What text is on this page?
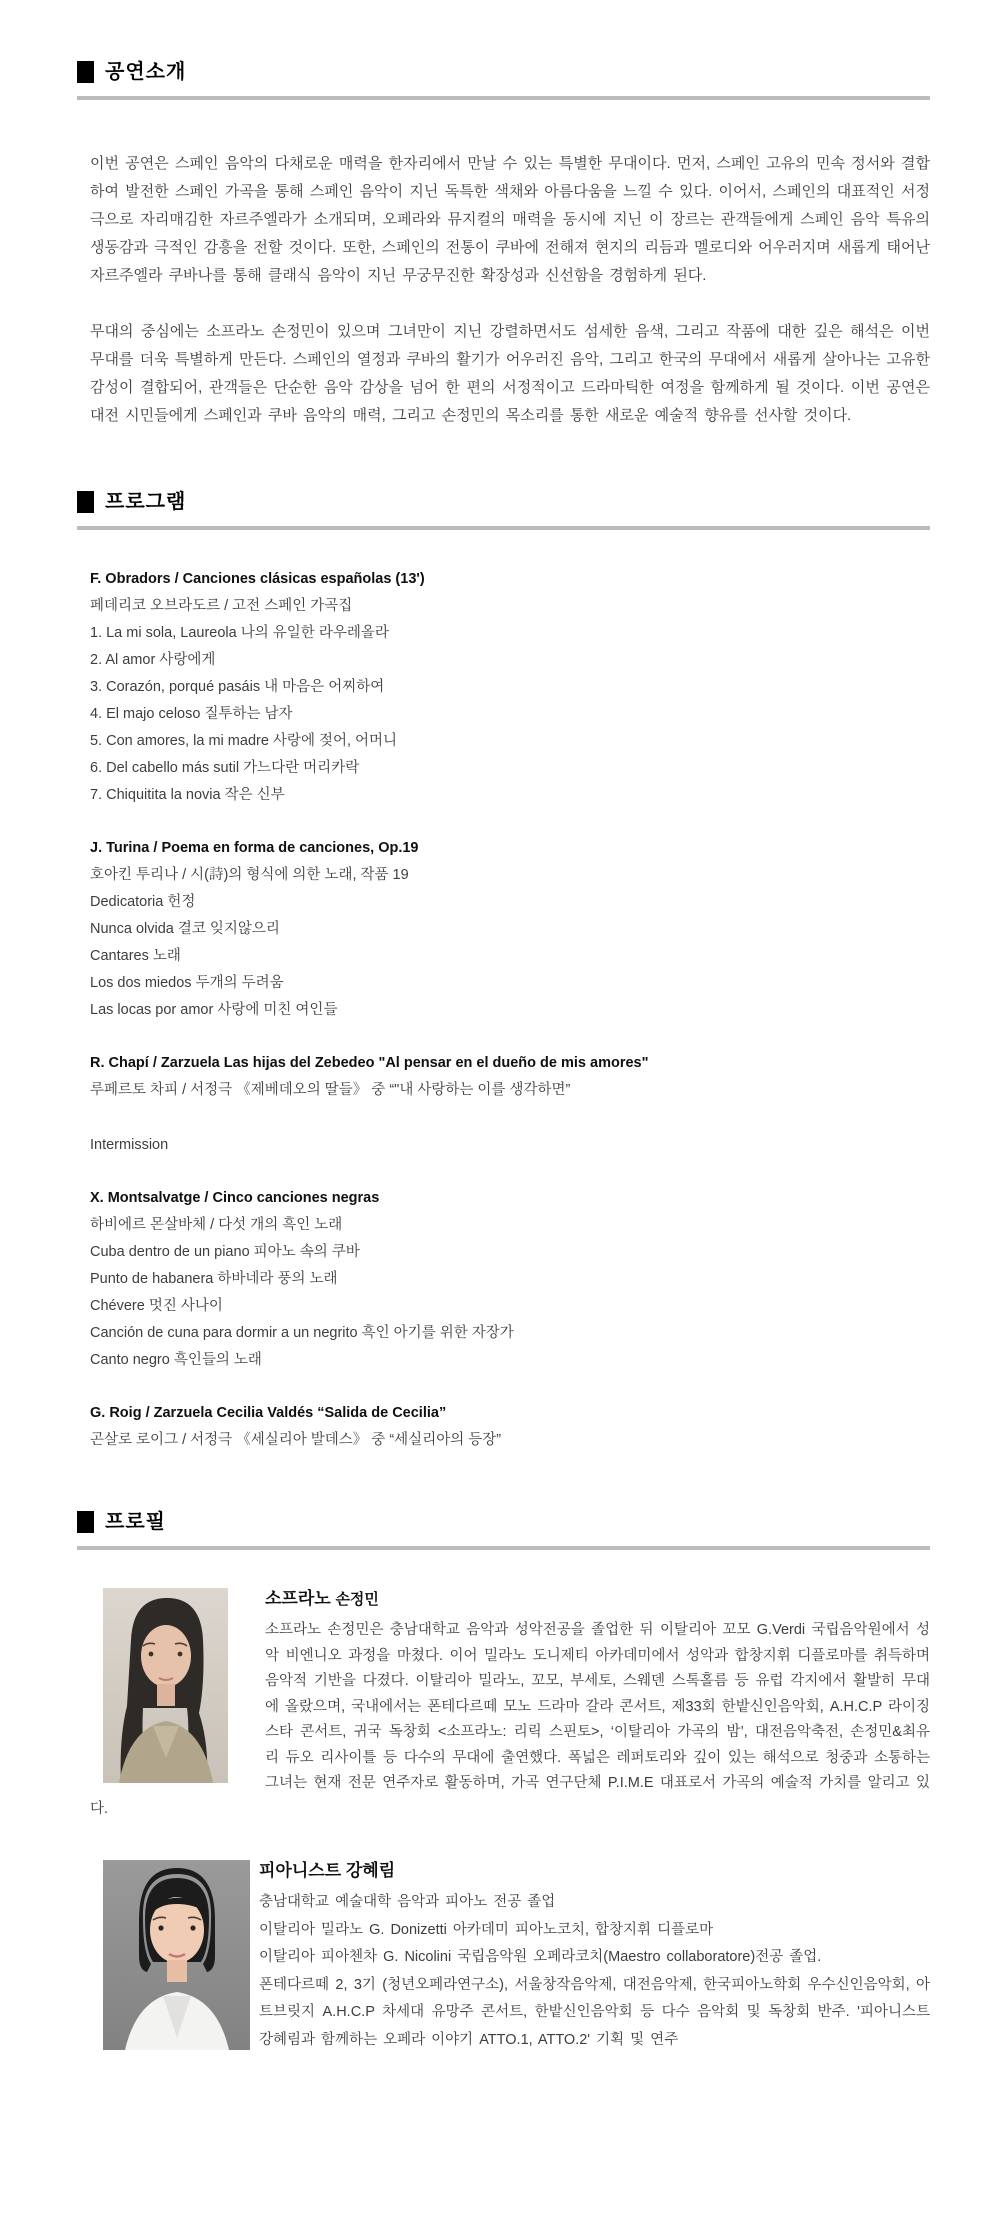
공연소개

이번 공연은 스페인 음악의 다채로운 매력을 한자리에서 만날 수 있는 특별한 무대이다. 먼저, 스페인 고유의 민속 정서와 결합하여 발전한 스페인 가곡을 통해 스페인 음악이 지닌 독특한 색채와 아름다움을 느낄 수 있다. 이어서, 스페인의 대표적인 서정극으로 자리매김한 자르주엘라가 소개되며, 오페라와 뮤지컬의 매력을 동시에 지닌 이 장르는 관객들에게 스페인 음악 특유의 생동감과 극적인 감흥을 전할 것이다. 또한, 스페인의 전통이 쿠바에 전해져 현지의 리듬과 멜로디와 어우러지며 새롭게 태어난 자르주엘라 쿠바나를 통해 클래식 음악이 지닌 무궁무진한 확장성과 신선함을 경험하게 된다.

무대의 중심에는 소프라노 손정민이 있으며 그녀만이 지닌 강렬하면서도 섬세한 음색, 그리고 작품에 대한 깊은 해석은 이번 무대를 더욱 특별하게 만든다. 스페인의 열정과 쿠바의 활기가 어우러진 음악, 그리고 한국의 무대에서 새롭게 살아나는 고유한 감성이 결합되어, 관객들은 단순한 음악 감상을 넘어 한 편의 서정적이고 드라마틱한 여정을 함께하게 될 것이다. 이번 공연은 대전 시민들에게 스페인과 쿠바 음악의 매력, 그리고 손정민의 목소리를 통한 새로운 예술적 향유를 선사할 것이다.

프로그램
F. Obradors / Canciones clásicas españolas (13')
페데리코 오브라도르 / 고전 스페인 가곡집
1. La mi sola, Laureola 나의 유일한 라우레올라
2. Al amor 사랑에게
3. Corazón, porqué pasáis 내 마음은 어찌하여
4. El majo celoso 질투하는 남자
5. Con amores, la mi madre 사랑에 젖어, 어머니
6. Del cabello más sutil 가느다란 머리카락
7. Chiquitita la novia 작은 신부
J. Turina / Poema en forma de canciones, Op.19
호아킨 투리나 / 시(詩)의 형식에 의한 노래, 작품 19
Dedicatoria 헌정
Nunca olvida 결코 잊지않으리
Cantares 노래
Los dos miedos 두개의 두려움
Las locas por amor 사랑에 미친 여인들
R. Chapí / Zarzuela Las hijas del Zebedeo "Al pensar en el dueño de mis amores"
루페르토 차피 / 서정극 《제베데오의 딸들》 중 “"내 사랑하는 이를 생각하면”
Intermission
X. Montsalvatge / Cinco canciones negras
하비에르 몬살바체 / 다섯 개의 흑인 노래
Cuba dentro de un piano 피아노 속의 쿠바
Punto de habanera 하바네라 풍의 노래
Chévere 멋진 사나이
Canción de cuna para dormir a un negrito 흑인 아기를 위한 자장가
Canto negro 흑인들의 노래
G. Roig / Zarzuela Cecilia Valdés “Salida de Cecilia”
곤살로 로이그 / 서정극 《세실리아 발데스》 중 “세실리아의 등장”
프로필
소프라노 손정민

소프라노 손정민은 충남대학교 음악과 성악전공을 졸업한 뒤 이탈리아 꼬모 G.Verdi 국립음악원에서 성악 비엔니오 과정을 마쳤다. 이어 밀라노 도니제티 아카데미에서 성악과 합창지휘 디플로마를 취득하며 음악적 기반을 다졌다. 이탈리아 밀라노, 꼬모, 부세토, 스웨덴 스톡홀름 등 유럽 각지에서 활발히 무대에 올랐으며, 국내에서는 폰테다르떼 모노 드라마 갈라 콘서트, 제33회 한밭신인음악회, A.H.C.P 라이징스타 콘서트, 귀국 독창회 <소프라노: 리릭 스핀토>, ‘이탈리아 가곡의 밤’, 대전음악축전, 손정민&최유리 듀오 리사이틀 등 다수의 무대에 출연했다. 폭넓은 레퍼토리와 깊이 있는 해석으로 청중과 소통하는 그녀는 현재 전문 연주자로 활동하며, 가곡 연구단체 P.I.M.E 대표로서 가곡의 예술적 가치를 알리고 있다.

피아니스트 강혜림
충남대학교 예술대학 음악과 피아노 전공 졸업
이탈리아 밀라노 G. Donizetti 아카데미 피아노코치, 합창지휘 디플로마
이탈리아 피아첸차 G. Nicolini 국립음악원 오페라코치(Maestro collaboratore)전공 졸업.
폰테다르떼 2, 3기 (청년오페라연구소), 서울창작음악제, 대전음악제, 한국피아노학회 우수신인음악회, 아트브릿지 A.H.C.P 차세대 유망주 콘서트, 한밭신인음악회 등 다수 음악회 및 독창회 반주. '피아니스트 강혜림과 함께하는 오페라 이야기 ATTO.1, ATTO.2' 기획 및 연주
